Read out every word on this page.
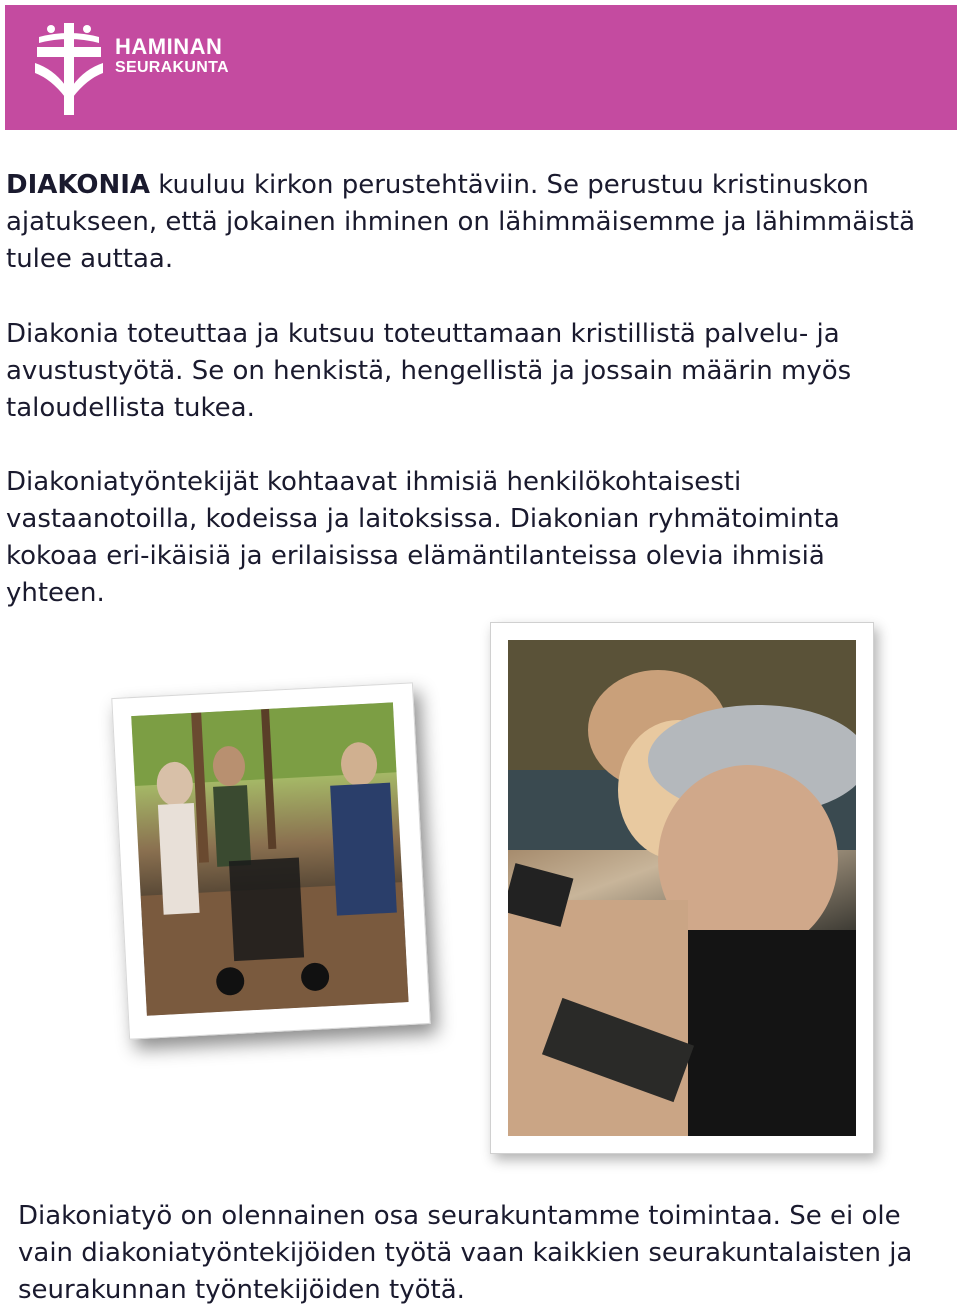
HAMINAN
SEURAKUNTA

DIAKONIA kuuluu kirkon perustehtäviin. Se perustuu kristinuskon ajatukseen, että jokainen ihminen on lähimmäisemme ja lähimmäistä tulee auttaa.

Diakonia toteuttaa ja kutsuu toteuttamaan kristillistä palvelu- ja avustustyötä. Se on henkistä, hengellistä ja jossain määrin myös taloudellista tukea.

Diakoniatyöntekijät kohtaavat ihmisiä henkilökohtaisesti vastaanotoilla, kodeissa ja laitoksissa. Diakonian ryhmätoiminta kokoaa eri-ikäisiä ja erilaisissa elämäntilanteissa olevia ihmisiä
yhteen.

Diakoniatyö on olennainen osa seurakuntamme toimintaa. Se ei ole vain diakoniatyöntekijöiden työtä vaan kaikkien seurakuntalaisten ja seurakunnan työntekijöiden työtä.
